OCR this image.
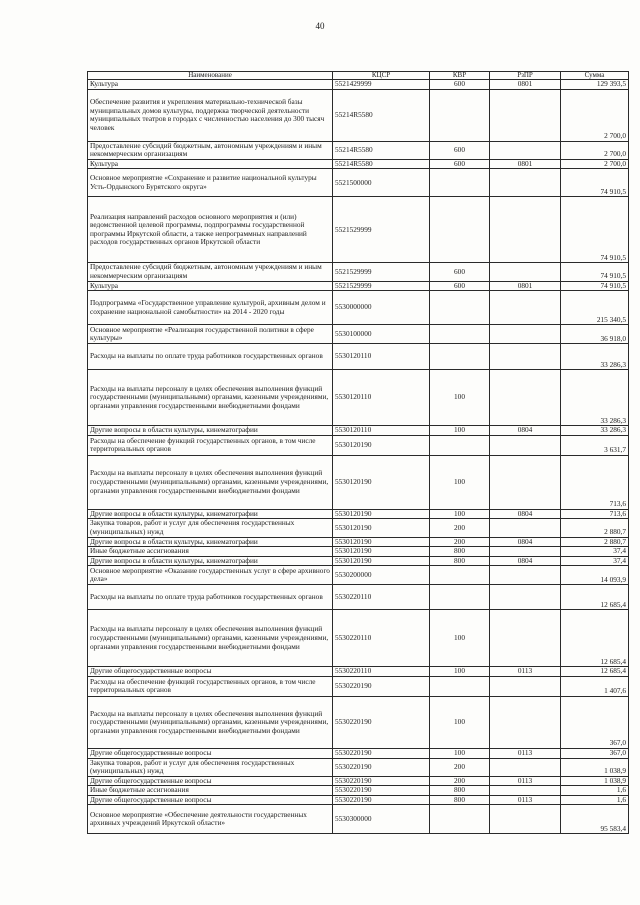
40
Наименование	КЦСР	КВР	РзПР	Сумма

Культура	5521429999	600	0801	129 393,5

Обеспечение развития и укрепления материально-технической базы муниципальных домов культуры, поддержка творческой деятельности муниципальных театров в городах с численностью населения до 300 тысяч человек	55214R5580			2 700,0

Предоставление субсидий бюджетным, автономным учреждениям и иным некоммерческим организациям	55214R5580	600		2 700,0

Культура	55214R5580	600	0801	2 700,0

Основное мероприятие «Сохранение и развитие национальной культуры Усть-Ордынского Бурятского округа»	5521500000			74 910,5

Реализация направлений расходов основного мероприятия и (или) ведомственной целевой программы, подпрограммы государственной программы Иркутской области, а также непрограммных направлений расходов государственных органов Иркутской области	5521529999			74 910,5

Предоставление субсидий бюджетным, автономным учреждениям и иным некоммерческим организациям	5521529999	600		74 910,5

Культура	5521529999	600	0801	74 910,5

Подпрограмма «Государственное управление культурой, архивным делом и сохранение национальной самобытности» на 2014 - 2020 годы	5530000000			215 340,5

Основное мероприятие «Реализация государственной политики в сфере культуры»	5530100000			36 918,0

Расходы на выплаты по оплате труда работников государственных органов	5530120110			33 286,3

Расходы на выплаты персоналу в целях обеспечения выполнения функций государственными (муниципальными) органами, казенными учреждениями, органами управления государственными внебюджетными фондами	5530120110	100		33 286,3

Другие вопросы в области культуры, кинематографии	5530120110	100	0804	33 286,3

Расходы на обеспечение функций государственных органов, в том числе территориальных органов	5530120190			3 631,7

Расходы на выплаты персоналу в целях обеспечения выполнения функций государственными (муниципальными) органами, казенными учреждениями, органами управления государственными внебюджетными фондами	5530120190	100		713,6

Другие вопросы в области культуры, кинематографии	5530120190	100	0804	713,6

Закупка товаров, работ и услуг для обеспечения государственных (муниципальных) нужд	5530120190	200		2 880,7

Другие вопросы в области культуры, кинематографии	5530120190	200	0804	2 880,7

Иные бюджетные ассигнования	5530120190	800		37,4

Другие вопросы в области культуры, кинематографии	5530120190	800	0804	37,4

Основное мероприятие «Оказание государственных услуг в сфере архивного дела»	5530200000			14 093,9

Расходы на выплаты по оплате труда работников государственных органов	5530220110			12 685,4

Расходы на выплаты персоналу в целях обеспечения выполнения функций государственными (муниципальными) органами, казенными учреждениями, органами управления государственными внебюджетными фондами	5530220110	100		12 685,4

Другие общегосударственные вопросы	5530220110	100	0113	12 685,4

Расходы на обеспечение функций государственных органов, в том числе территориальных органов	5530220190			1 407,6

Расходы на выплаты персоналу в целях обеспечения выполнения функций государственными (муниципальными) органами, казенными учреждениями, органами управления государственными внебюджетными фондами	5530220190	100		367,0

Другие общегосударственные вопросы	5530220190	100	0113	367,0

Закупка товаров, работ и услуг для обеспечения государственных (муниципальных) нужд	5530220190	200		1 038,9

Другие общегосударственные вопросы	5530220190	200	0113	1 038,9

Иные бюджетные ассигнования	5530220190	800		1,6

Другие общегосударственные вопросы	5530220190	800	0113	1,6

Основное мероприятие «Обеспечение деятельности государственных архивных учреждений Иркутской области»	5530300000			95 583,4
